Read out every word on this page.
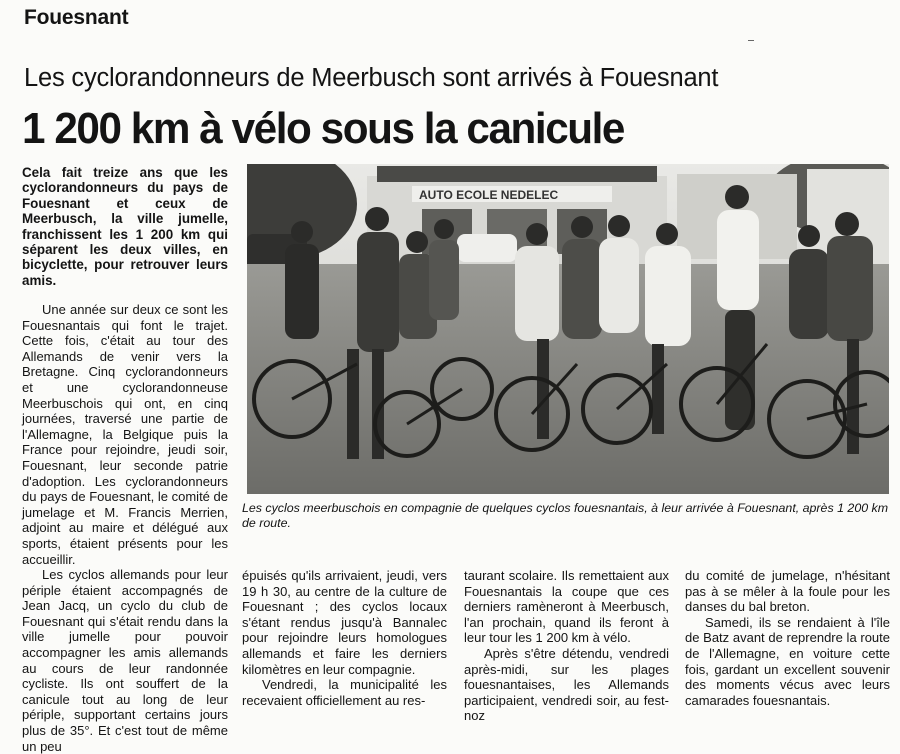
Fouesnant
Les cyclorandonneurs de Meerbusch sont arrivés à Fouesnant
1 200 km à vélo sous la canicule
Cela fait treize ans que les cyclorandonneurs du pays de Fouesnant et ceux de Meerbusch, la ville jumelle, franchissent les 1 200 km qui séparent les deux villes, en bicyclette, pour retrouver leurs amis.
AUTO ECOLE NEDELEC
Les cyclos meerbuschois en compagnie de quelques cyclos fouesnantais, à leur arrivée à Fouesnant, après 1 200 km de route.

Une année sur deux ce sont les Fouesnantais qui font le trajet. Cette fois, c'était au tour des Allemands de venir vers la Bretagne. Cinq cyclorandonneurs et une cyclorandonneuse Meerbuschois qui ont, en cinq journées, traversé une partie de l'Allemagne, la Belgique puis la France pour rejoindre, jeudi soir, Fouesnant, leur seconde patrie d'adoption. Les cyclorandonneurs du pays de Fouesnant, le comité de jumelage et M. Francis Merrien, adjoint au maire et délégué aux sports, étaient présents pour les accueillir.

Les cyclos allemands pour leur périple étaient accompagnés de Jean Jacq, un cyclo du club de Fouesnant qui s'était rendu dans la ville jumelle pour pouvoir accompagner les amis allemands au cours de leur randonnée cycliste. Ils ont souffert de la canicule tout au long de leur périple, supportant certains jours plus de 35°. Et c'est tout de même un peu

épuisés qu'ils arrivaient, jeudi, vers 19 h 30, au centre de la culture de Fouesnant ; des cyclos locaux s'étant rendus jusqu'à Bannalec pour rejoindre leurs homologues allemands et faire les derniers kilomètres en leur compagnie.

Vendredi, la municipalité les recevaient officiellement au res-

taurant scolaire. Ils remettaient aux Fouesnantais la coupe que ces derniers ramèneront à Meerbusch, l'an prochain, quand ils feront à leur tour les 1 200 km à vélo.

Après s'être détendu, vendredi après-midi, sur les plages fouesnantaises, les Allemands participaient, vendredi soir, au fest-noz

du comité de jumelage, n'hésitant pas à se mêler à la foule pour les danses du bal breton.

Samedi, ils se rendaient à l'île de Batz avant de reprendre la route de l'Allemagne, en voiture cette fois, gardant un excellent souvenir des moments vécus avec leurs camarades fouesnantais.
